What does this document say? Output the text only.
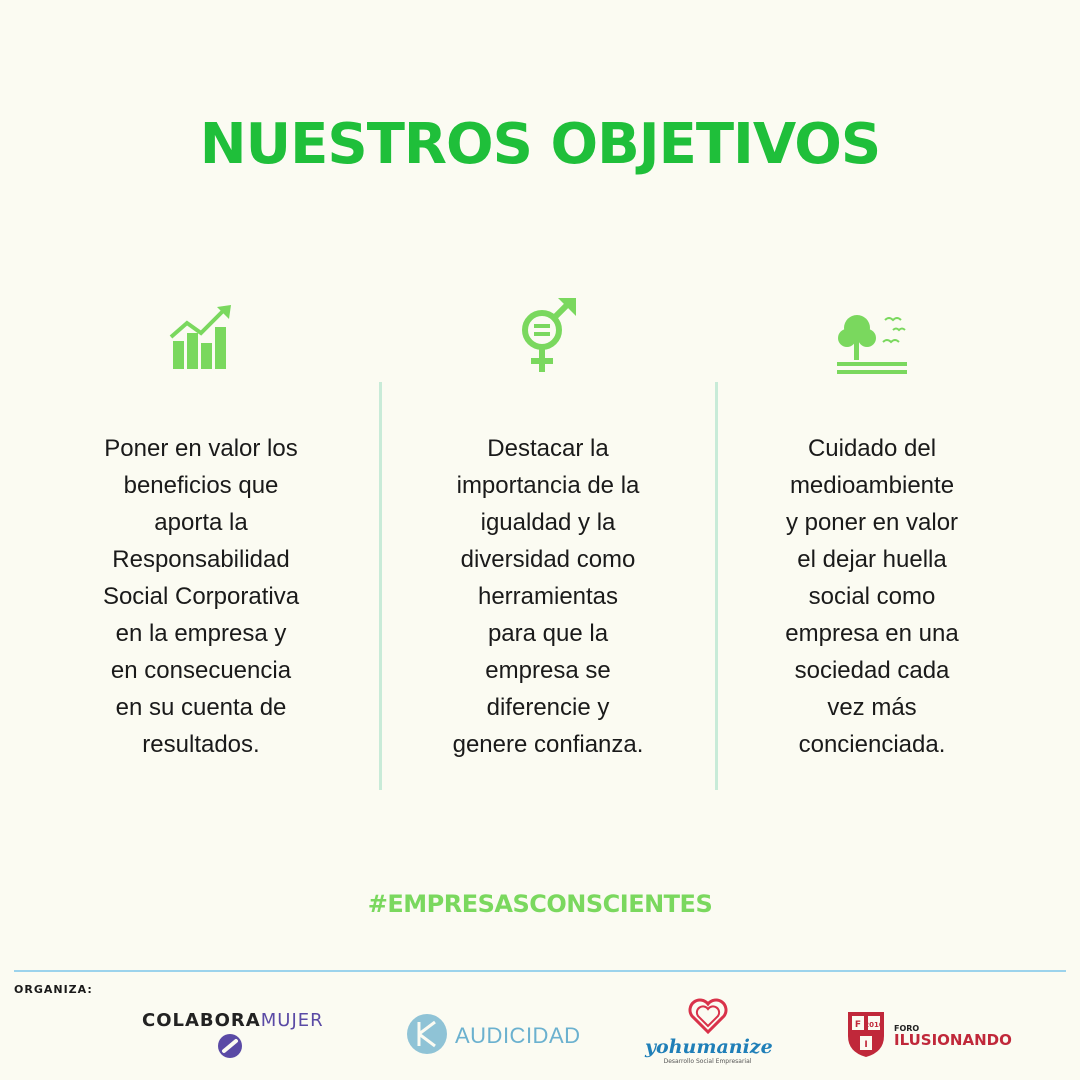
NUESTROS OBJETIVOS
Poner en valor los
beneficios que
aporta la
Responsabilidad
Social Corporativa
en la empresa y
en consecuencia
en su cuenta de
resultados.
Destacar la
importancia de la
igualdad y la
diversidad como
herramientas
para que la
empresa se
diferencie y
genere confianza.
Cuidado del
medioambiente
y poner en valor
el dejar huella
social como
empresa en una
sociedad cada
vez más
concienciada.
#EMPRESASCONSCIENTES
ORGANIZA:
COLABORAMUJER
AUDICIDAD	yohumanize
Desarrollo Social Empresarial
F 2010
I
FORO
ILUSIONANDO
